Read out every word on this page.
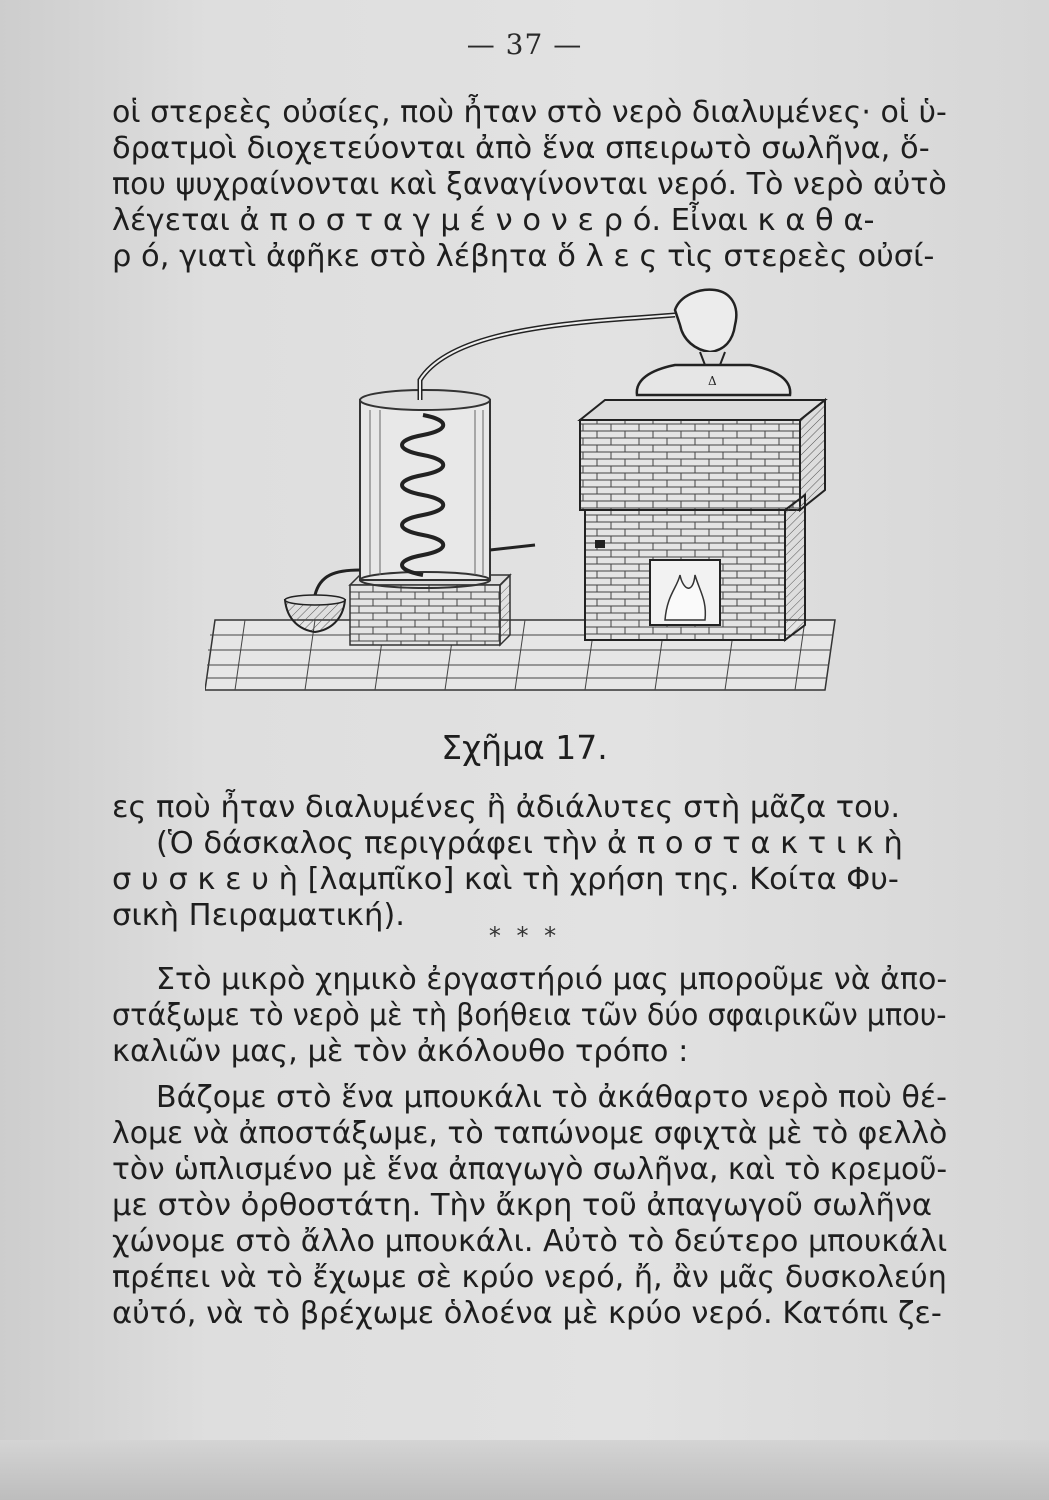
— 37 —
οἱ στερεὲς οὐσίες, ποὺ ἦταν στὸ νερὸ διαλυμένες· οἱ ὑ-
δρατμοὶ διοχετεύονται ἀπὸ ἕνα σπειρωτὸ σωλῆνα, ὅ-
που ψυχραίνονται καὶ ξαναγίνονται νερό. Τὸ νερὸ αὐτὸ
λέγεται ἀ π ο σ τ α γ μ έ ν ο ν ε ρ ό. Εἶναι κ α θ α-
ρ ό, γιατὶ ἀφῆκε στὸ λέβητα ὅ λ ε ς τὶς στερεὲς οὐσί-
Δ
Σχῆμα 17.
ες ποὺ ἦταν διαλυμένες ἢ ἀδιάλυτες στὴ μᾶζα του.
(Ὁ δάσκαλος περιγράφει τὴν ἀ π ο σ τ α κ τ ι κ ὴ
σ υ σ κ ε υ ὴ [λαμπῖκο] καὶ τὴ χρήση της. Κοίτα Φυ-
σικὴ Πειραματική).
* * *
Στὸ μικρὸ χημικὸ ἐργαστήριό μας μποροῦμε νὰ ἀπο-
στάξωμε τὸ νερὸ μὲ τὴ βοήθεια τῶν δύο σφαιρικῶν μπου-
καλιῶν μας, μὲ τὸν ἀκόλουθο τρόπο :
Βάζομε στὸ ἕνα μπουκάλι τὸ ἀκάθαρτο νερὸ ποὺ θέ-
λομε νὰ ἀποστάξωμε, τὸ ταπώνομε σφιχτὰ μὲ τὸ φελλὸ
τὸν ὡπλισμένο μὲ ἕνα ἀπαγωγὸ σωλῆνα, καὶ τὸ κρεμοῦ-
με στὸν ὀρθοστάτη. Τὴν ἄκρη τοῦ ἀπαγωγοῦ σωλῆνα
χώνομε στὸ ἄλλο μπουκάλι. Αὐτὸ τὸ δεύτερο μπουκάλι
πρέπει νὰ τὸ ἔχωμε σὲ κρύο νερό, ἤ, ἂν μᾶς δυσκολεύη
αὐτό, νὰ τὸ βρέχωμε ὁλοένα μὲ κρύο νερό. Κατόπι ζε-
